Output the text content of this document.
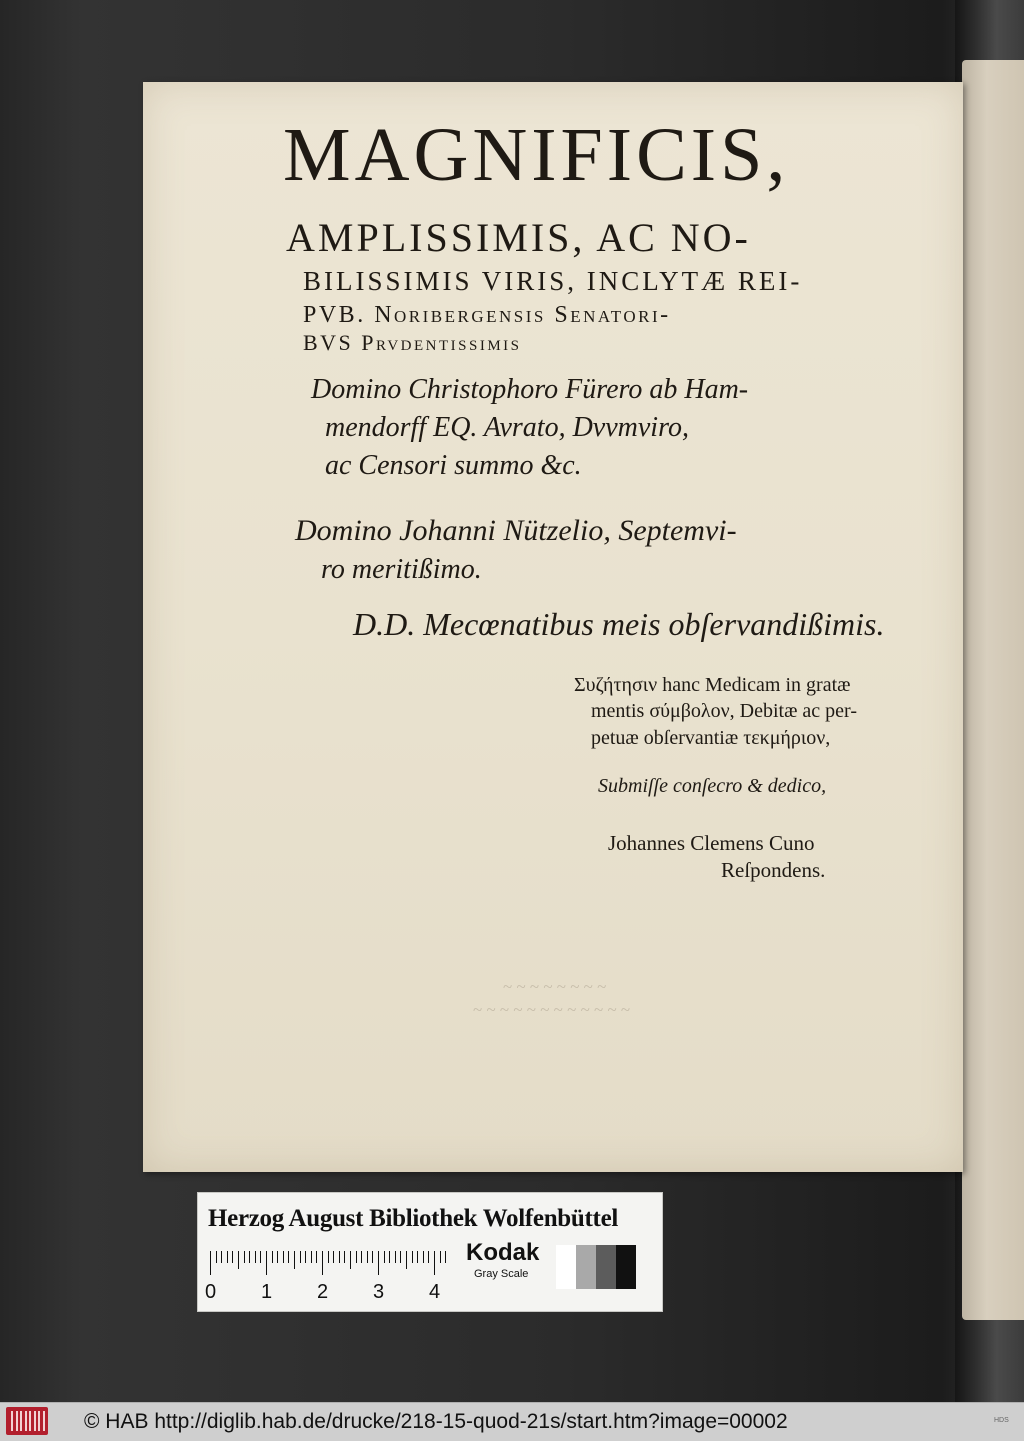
MAGNIFICIS,
AMPLISSIMIS, AC NO-
BILISSIMIS VIRIS, INCLYTÆ REI-
PVB. Noribergensis Senatori-
BVS Prvdentissimis
Domino Christophoro Fürero ab Ham-
mendorff EQ. Avrato, Dvvmviro,
ac Censori summo &c.
Domino Johanni Nützelio, Septemvi-
ro meritißimo.
D.D. Mecœnatibus meis obſervandißimis.
Συζήτησιν hanc Medicam in gratæ
mentis σύμβολον, Debitæ ac per-
petuæ obſervantiæ τεκμήριον,
Submiſſe conſecro & dedico,
Johannes Clemens Cuno
Reſpondens.
~ ~ ~ ~ ~ ~ ~ ~
~ ~ ~ ~ ~ ~ ~ ~ ~ ~ ~ ~
Herzog August Bibliothek Wolfenbüttel
0 1 2 3 4
Kodak
Gray Scale
© HAB http://diglib.hab.de/drucke/218-15-quod-21s/start.htm?image=00002	HDS
